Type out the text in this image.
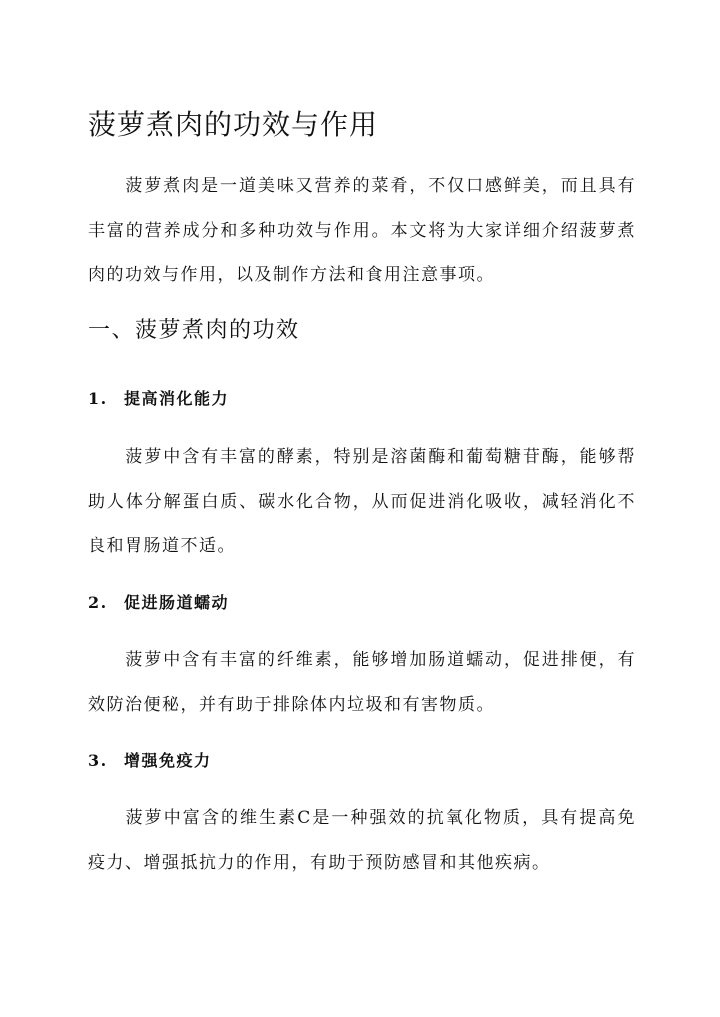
菠萝煮肉的功效与作用

菠萝煮肉是一道美味又营养的菜肴，不仅口感鲜美，而且具有丰富的营养成分和多种功效与作用。本文将为大家详细介绍菠萝煮肉的功效与作用，以及制作方法和食用注意事项。

一、菠萝煮肉的功效
1. 提高消化能力

菠萝中含有丰富的酵素，特别是溶菌酶和葡萄糖苷酶，能够帮助人体分解蛋白质、碳水化合物，从而促进消化吸收，减轻消化不良和胃肠道不适。

2. 促进肠道蠕动

菠萝中含有丰富的纤维素，能够增加肠道蠕动，促进排便，有效防治便秘，并有助于排除体内垃圾和有害物质。

3. 增强免疫力

菠萝中富含的维生素C是一种强效的抗氧化物质，具有提高免疫力、增强抵抗力的作用，有助于预防感冒和其他疾病。
